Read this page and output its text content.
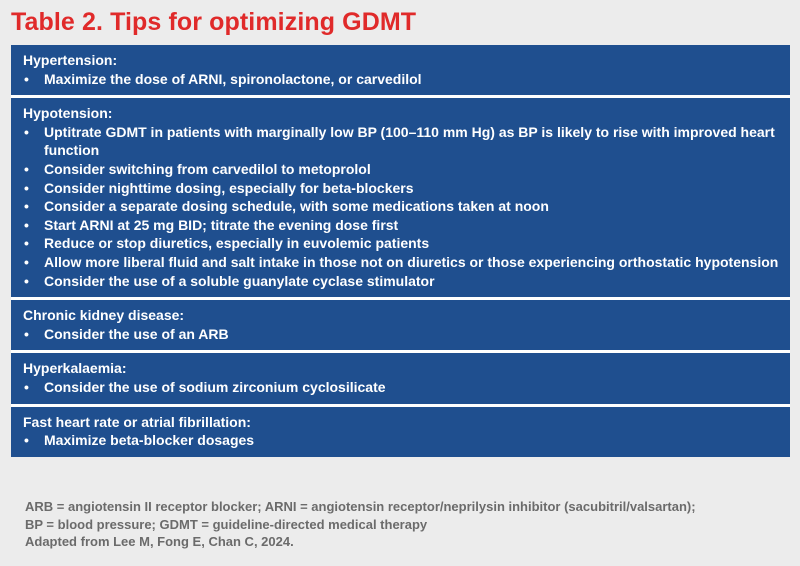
Table 2. Tips for optimizing GDMT
Hypertension:
• Maximize the dose of ARNI, spironolactone, or carvedilol
Hypotension:
• Uptitrate GDMT in patients with marginally low BP (100–110 mm Hg) as BP is likely to rise with improved heart function
• Consider switching from carvedilol to metoprolol
• Consider nighttime dosing, especially for beta-blockers
• Consider a separate dosing schedule, with some medications taken at noon
• Start ARNI at 25 mg BID; titrate the evening dose first
• Reduce or stop diuretics, especially in euvolemic patients
• Allow more liberal fluid and salt intake in those not on diuretics or those experiencing orthostatic hypotension
• Consider the use of a soluble guanylate cyclase stimulator
Chronic kidney disease:
• Consider the use of an ARB
Hyperkalaemia:
• Consider the use of sodium zirconium cyclosilicate
Fast heart rate or atrial fibrillation:
• Maximize beta-blocker dosages

ARB = angiotensin II receptor blocker; ARNI = angiotensin receptor/neprilysin inhibitor (sacubitril/valsartan);

BP = blood pressure; GDMT = guideline-directed medical therapy

Adapted from Lee M, Fong E, Chan C, 2024.
